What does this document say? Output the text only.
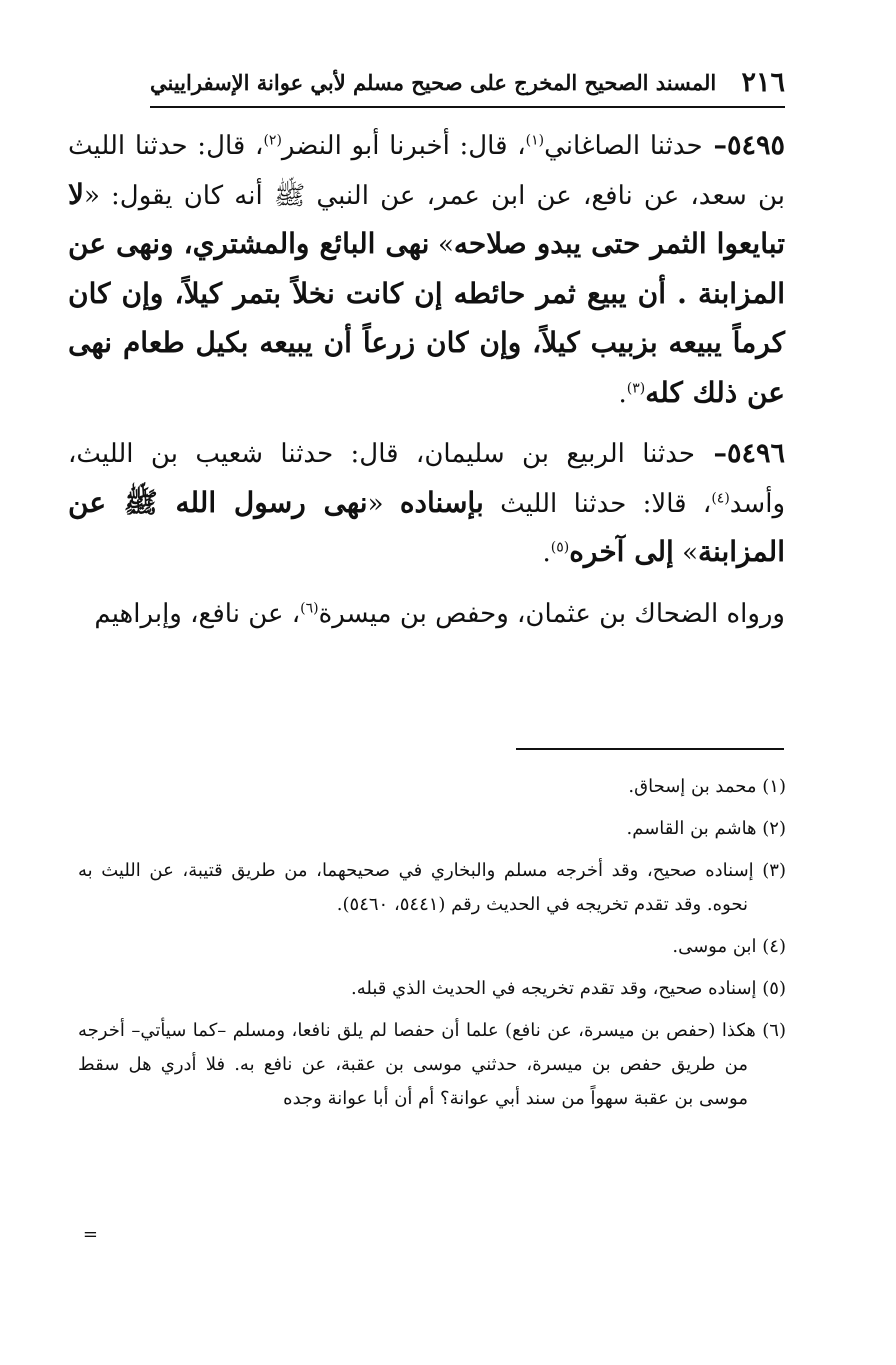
٢١٦
المسند الصحيح المخرج على صحيح مسلم لأبي عوانة الإسفراييني

٥٤٩٥– حدثنا الصاغاني$^{(١)}$، قال: أخبرنا أبو النضر$^{(٢)}$، قال: حدثنا الليث بن سعد، عن نافع، عن ابن عمر، عن النبي ﷺ أنه كان يقول: «لا تبايعوا الثمر حتى يبدو صلاحه» نهى البائع والمشتري، ونهى عن المزابنة . أن يبيع ثمر حائطه إن كانت نخلاً بتمر كيلاً، وإن كان كرماً يبيعه بزبيب كيلاً، وإن كان زرعاً أن يبيعه بكيل طعام نهى عن ذلك كله$^{(٣)}$.

٥٤٩٦– حدثنا الربيع بن سليمان، قال: حدثنا شعيب بن الليث، وأسد$^{(٤)}$، قالا: حدثنا الليث بإسناده «نهى رسول الله ﷺ عن المزابنة» إلى آخره$^{(٥)}$.

ورواه الضحاك بن عثمان، وحفص بن ميسرة$^{(٦)}$، عن نافع، وإبراهيم

(١) محمد بن إسحاق.

(٢) هاشم بن القاسم.

(٣) إسناده صحيح، وقد أخرجه مسلم والبخاري في صحيحهما، من طريق قتيبة، عن الليث به نحوه. وقد تقدم تخريجه في الحديث رقم (٥٤٤١، ٥٤٦٠).

(٤) ابن موسى.

(٥) إسناده صحيح، وقد تقدم تخريجه في الحديث الذي قبله.

(٦) هكذا (حفص بن ميسرة، عن نافع) علما أن حفصا لم يلق نافعا، ومسلم –كما سيأتي– أخرجه من طريق حفص بن ميسرة، حدثني موسى بن عقبة، عن نافع به. فلا أدري هل سقط موسى بن عقبة سهواً من سند أبي عوانة؟ أم أن أبا عوانة وجده

=
